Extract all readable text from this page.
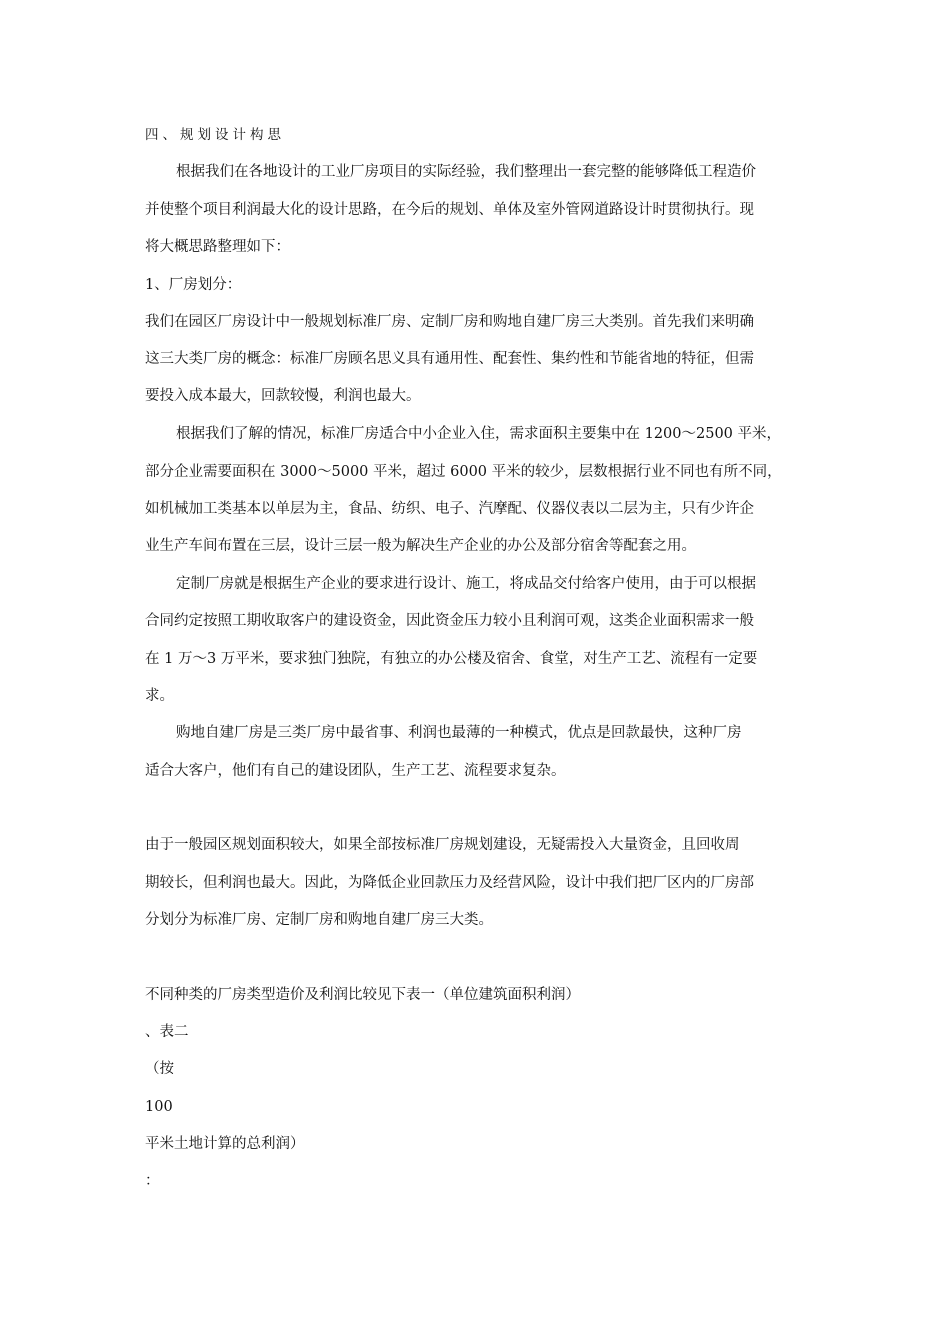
四、规划设计构思
根据我们在各地设计的工业厂房项目的实际经验，我们整理出一套完整的能够降低工程造价
并使整个项目利润最大化的设计思路，在今后的规划、单体及室外管网道路设计时贯彻执行。现
将大概思路整理如下：
1、厂房划分：
我们在园区厂房设计中一般规划标准厂房、定制厂房和购地自建厂房三大类别。首先我们来明确
这三大类厂房的概念：标准厂房顾名思义具有通用性、配套性、集约性和节能省地的特征，但需
要投入成本最大，回款较慢，利润也最大。
根据我们了解的情况，标准厂房适合中小企业入住，需求面积主要集中在 1200～2500 平米，
部分企业需要面积在 3000～5000 平米，超过 6000 平米的较少，层数根据行业不同也有所不同，
如机械加工类基本以单层为主，食品、纺织、电子、汽摩配、仪器仪表以二层为主，只有少许企
业生产车间布置在三层，设计三层一般为解决生产企业的办公及部分宿舍等配套之用。
定制厂房就是根据生产企业的要求进行设计、施工，将成品交付给客户使用，由于可以根据
合同约定按照工期收取客户的建设资金，因此资金压力较小且利润可观，这类企业面积需求一般
在 1 万～3 万平米，要求独门独院，有独立的办公楼及宿舍、食堂，对生产工艺、流程有一定要
求。
购地自建厂房是三类厂房中最省事、利润也最薄的一种模式，优点是回款最快，这种厂房
适合大客户，他们有自己的建设团队，生产工艺、流程要求复杂。
由于一般园区规划面积较大，如果全部按标准厂房规划建设，无疑需投入大量资金，且回收周
期较长，但利润也最大。因此，为降低企业回款压力及经营风险，设计中我们把厂区内的厂房部
分划分为标准厂房、定制厂房和购地自建厂房三大类。
不同种类的厂房类型造价及利润比较见下表一（单位建筑面积利润）
、表二
（按
100
平米土地计算的总利润）
：
